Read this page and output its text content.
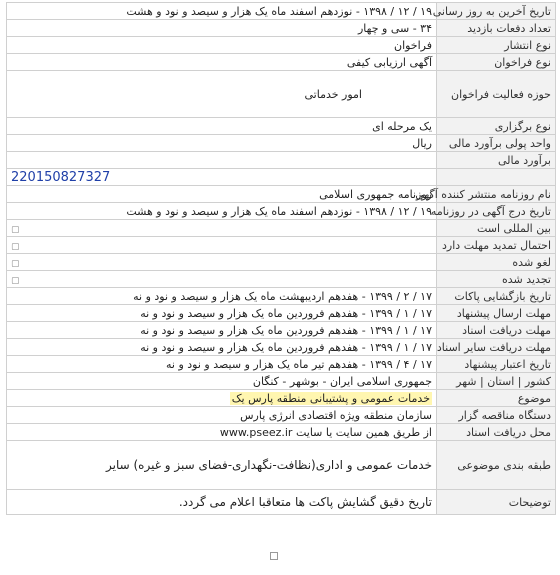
تاریخ آخرین به روز رسانی	۱۹ / ۱۲ / ۱۳۹۸ - نوزدهم اسفند ماه یک هزار و سیصد و نود و هشت
تعداد دفعات بازدید	۳۴ - سی و چهار
نوع انتشار	فراخوان
نوع فراخوان	آگهی ارزیابی کیفی
حوزه فعالیت فراخوان	امور خدماتی
نوع برگزاری	یک مرحله ای
واحد پولی برآورد مالی	ریال
برآورد مالی	
	220150827327
نام روزنامه منتشر کننده آگهی	روزنامه جمهوری اسلامی
تاریخ درج آگهی در روزنامه	۱۹ / ۱۲ / ۱۳۹۸ - نوزدهم اسفند ماه یک هزار و سیصد و نود و هشت
بین المللی است	▢
احتمال تمدید مهلت دارد	▢
لغو شده	▢
تجدید شده	▢
تاریخ بازگشایی پاکات	۱۷ / ۲ / ۱۳۹۹ - هفدهم اردیبهشت ماه یک هزار و سیصد و نود و نه
مهلت ارسال پیشنهاد	۱۷ / ۱ / ۱۳۹۹ - هفدهم فروردین ماه یک هزار و سیصد و نود و نه
مهلت دریافت اسناد	۱۷ / ۱ / ۱۳۹۹ - هفدهم فروردین ماه یک هزار و سیصد و نود و نه
مهلت دریافت سایر اسناد	۱۷ / ۱ / ۱۳۹۹ - هفدهم فروردین ماه یک هزار و سیصد و نود و نه
تاریخ اعتبار پیشنهاد	۱۷ / ۴ / ۱۳۹۹ - هفدهم تیر ماه یک هزار و سیصد و نود و نه
کشور | استان | شهر	جمهوری اسلامی ایران - بوشهر - کنگان
موضوع	خدمات عمومی و پشتیبانی منطقه پارس یک
دستگاه مناقصه گزار	سازمان منطقه ویژه اقتصادی انرژی پارس
محل دریافت اسناد	از طریق همین سایت یا سایت www.pseez.ir
طبقه بندی موضوعی	خدمات عمومی و اداری(نظافت-نگهداری-فضای سبز و غیره) سایر
توضیحات	تاریخ دقیق گشایش پاکت ها متعاقبا اعلام می گردد.
